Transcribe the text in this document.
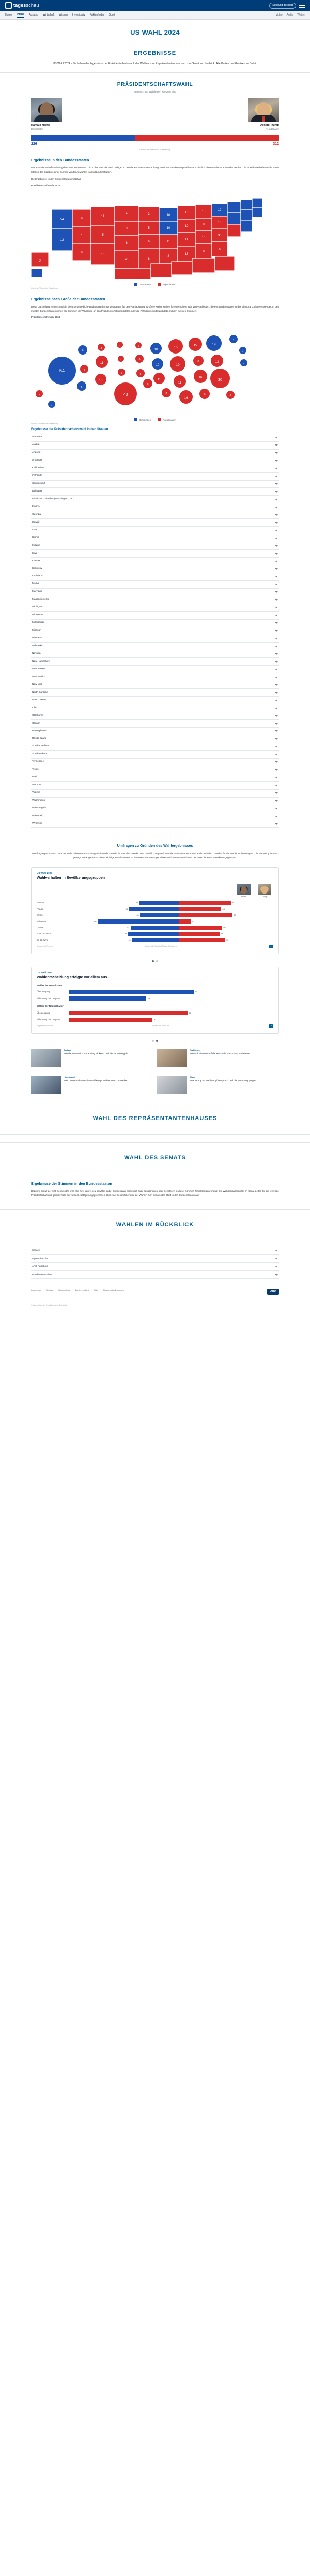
tagesschau	Sendung gesperrt
Home Inland Ausland Wirtschaft Wissen Investigativ Faktenfinder Sport	Video Audio Wetter
US WAHL 2024
ERGEBNISSE
US-Wahl 2024 - Sie haben die Ergebnisse der Präsidentschaftswahl, der Wahlen zum Repräsentantenhaus und zum Senat im Überblick. Alle Karten und Grafiken im Detail.
PRÄSIDENTSCHAFTSWAHL
Stimmen: 537 Wahlleute · 270 zum Sieg
Kamala Harris
Demokraten
Donald Trump
Republikaner
226	312
Quelle: AP/Stand der Auszählung
Ergebnisse in den Bundesstaaten

Das Präsidentschaftswahl-Ergebnis wird ermittelt und nicht über das Electoral College. In den die Bundesstaaten abhängt von ihrer Bevölkerungszahl unterschiedlich viele Wahlleute entsendet werden. Die Präsidentschaftswahl ist damit letztlich das Ergebnis einer Summe von Einzelwahlen in den Bundesstaaten.

Die Ergebnisse in den Bundesstaaten im Detail:

Präsidentschaftswahl 2024
54
12
6
4
6
11
5
10
4
3
6
40
3
5
6
8
10
10
11
8
16
19
11
16
15
8
16
9
19
13
30
6
3
Demokraten	Republikaner
Quelle: AP/Stand der Auszählung
Ergebnisse nach Größe der Bundesstaaten

Diese Darstellung veranschaulicht die unterschiedliche Bedeutung der Bundesstaaten für den Wahlausgang. Größere Kreise stehen für eine höhere Zahl von Wahlleuten, die ein Bundesstaaten in das Electoral College entsendet. In den meisten Bundesstaaten gehen alle Stimmen der Wahlleute an den Präsidentschaftskandidaten oder die Präsidentschaftskandidatin mit den meisten Stimmen.

Präsidentschaftswahl 2024
54
6
4
6
4
11
10
3
3
5
40
3
6
6
8
10
10
11
8
16
19
11
16
15
8
16
9
19
13
30
6
4
4
4
3
4
Demokraten	Republikaner
Quelle: AP/Stand der Auszählung
Ergebnisse der Präsidentschaftswahl in den Staaten
Alabama
Alaska
Arizona
Arkansas
Kalifornien
Colorado
Connecticut
Delaware
District of Columbia (Washington D.C.)
Florida
Georgia
Hawaii
Idaho
Illinois
Indiana
Iowa
Kansas
Kentucky
Louisiana
Maine
Maryland
Massachusetts
Michigan
Minnesota
Mississippi
Missouri
Montana
Nebraska
Nevada
New Hampshire
New Jersey
New Mexico
New York
North Carolina
North Dakota
Ohio
Oklahoma
Oregon
Pennsylvania
Rhode Island
South Carolina
South Dakota
Tennessee
Texas
Utah
Vermont
Virginia
Washington
West Virginia
Wisconsin
Wyoming
Umfragen zu Gründen des Wahlergebnisses

In Befragungen vor und nach der Wahl haben US-Forschungsinstitute die Gründe für das Abschneiden von Donald Trump und Kamala Harris untersucht und auch nach den Gründen für die Wahlentscheidung und die Stimmung im Land gefragt. Die Ergebnisse bieten wichtige Anhaltspunkte zu den Ursachen des Ergebnisses und zum Wahlverhalten der verschiedenen Bevölkerungsgruppen.

US Wahl 2024
Wahlverhalten in Bevölkerungsgruppen
Harris	Trump
Männer	42	55
Frauen	53	45
Weiße	41	57
Schwarze	86	13
Latinos	51	46
unter 30 Jahre	54	43
ab 65 Jahre	49	49
Angaben in Prozent	Quelle: AP VoteCast/Edison Research	↗
US Wahl 2024
Wahlentscheidung erfolgte vor allem aus...
Wähler der Demokraten
Überzeugung	61
Ablehnung des Gegners	38
Wähler der Republikaner
Überzeugung	58
Ablehnung des Gegners	41
Angaben in Prozent	Quelle: AP VoteCast	↗
Analyse
Wie die USA auf Trumps Sieg blicken - und wie es weitergeht
Reaktionen
Wie sich die Welt auf die Rückkehr von Trump vorbereitet
Hintergrund
Wie Trump und Harris im Wahlkampf Wählerinnen umwarben
Bilanz
Was Trump im Wahlkampf versprach und die Stimmung prägte
WAHL DES REPRÄSENTANTENHAUSES
WAHL DES SENATS
Ergebnisse der Stimmen in den Bundesstaaten

Dazu im Einfall der 100 Senatssitze wird alle zwei Jahre neu gewählt; dabei Bundesstaat entsendet zwei Senatorinnen oder Senatoren in diese Kammer. Repräsentantenhaus: Die Wahlkreisabschnitte im Senat gelten für die jeweilige Präsidentschaft und gerade Rolle bei vielen Gesetzgebungsprozessen. Hier eine Gesamtübersicht der Wahlen zum Senatssitze 2024 in den Bundesstaaten auf.

WAHLEN IM RÜCKBLICK
Service
tagesschau.de
ARD-Angebote
Rundfunkanstalten
Impressum	Kontakt	Datenschutz	Barrierefreiheit	Hilfe	Nutzungsbedingungen	ARD
© tagesschau.de · Norddeutscher Rundfunk
